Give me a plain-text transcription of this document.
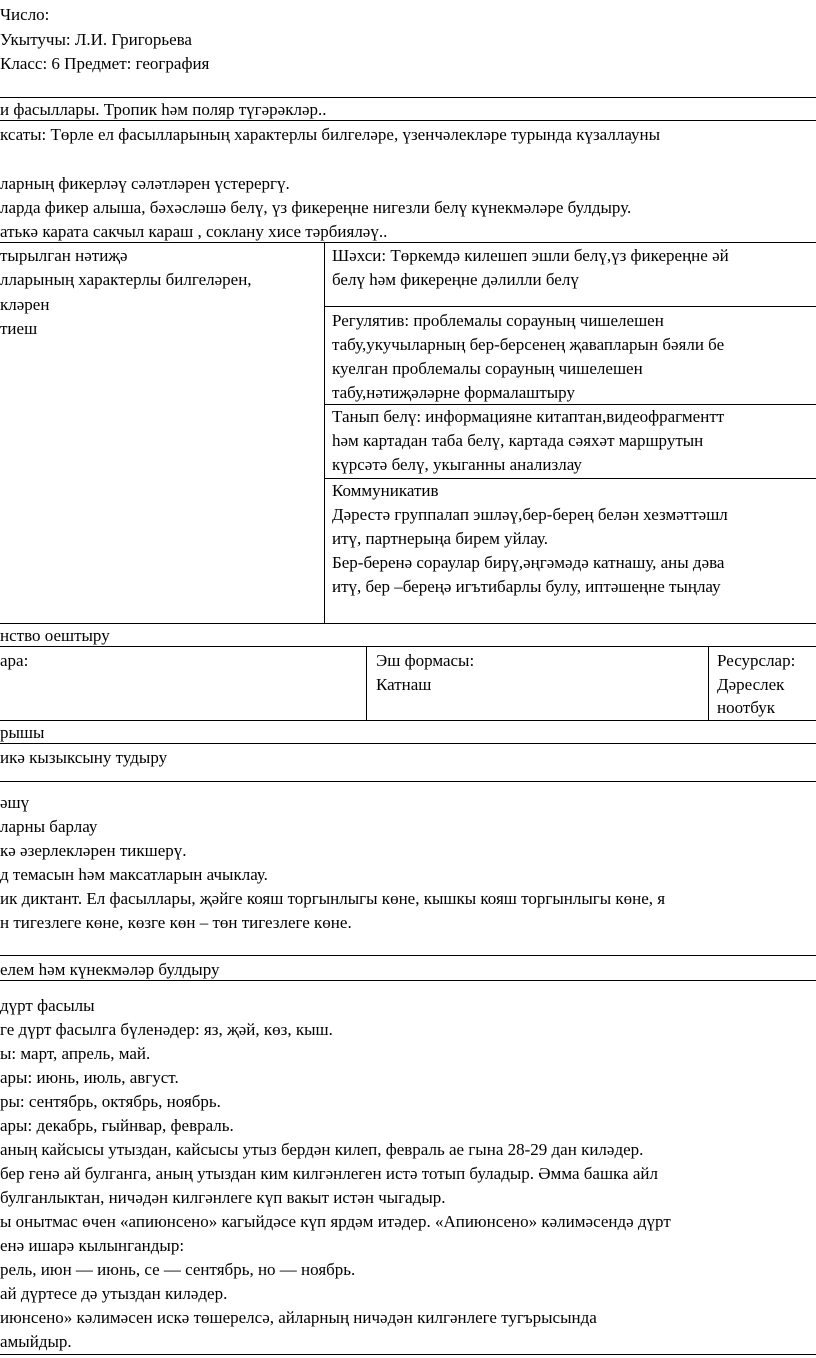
Число:
Укытучы: Л.И. Григорьева
Класс: 6 Предмет: география
и фасыллары. Тропик һәм поляр түгәрәкләр..
ксаты: Төрле ел фасылларының характерлы билгеләре, үзенчәлекләре турында күзаллауны
ларның фикерләү сәләтләрен үстерергү.
ларда фикер алыша, бәхәсләшә белү, үз фикереңне нигезли белү күнекмәләре булдыру.
атькә карата сакчыл караш , соклану хисе тәрбияләү..
тырылган нәтиҗә
лларының характерлы билгеләрен,
кләрен
тиеш
Шәхси: Төркемдә килешеп эшли белү,үз фикереңне әй
белү һәм фикереңне дәлилли белү
Регулятив: проблемалы сорауның чишелешен
табу,укучыларның бер-берсенең җавапларын бәяли бе
куелган проблемалы сорауның чишелешен
табу,нәтиҗәләрне формалаштыру
Танып белү: информацияне китаптан,видеофрагментт
һәм картадан таба белү, картада сәяхәт маршрутын
күрсәтә белү, укыганны анализлау
Коммуникатив
Дәрестә группалап эшләү,бер-берең белән хезмәттәшл
итү, партнерыңа бирем уйлау.
Бер-беренә сораулар бирү,әңгәмәдә катнашу, аны дәва
итү, бер –береңә игътибарлы булу, иптәшеңне тыңлау
нство оештыру
ара:	Эш формасы:
Катнаш
Ресурслар:
Дәреслек
ноотбук
рышы
икә кызыксыну тудыру
әшү
ларны барлау
кә әзерлекләрен тикшерү.
д темасын һәм максатларын ачыклау.
ик диктант. Ел фасыллары, җәйге кояш торгынлыгы көне, кышкы кояш торгынлыгы көне, я
н тигезлеге көне, көзге көн – төн тигезлеге көне.
елем һәм күнекмәләр булдыру
дүрт фасылы
ге дүрт фасылга бүленәдер: яз, җәй, көз, кыш.
ы: март, апрель, май.
ары: июнь, июль, август.
ры: сентябрь, октябрь, ноябрь.
ары: декабрь, гыйнвар, февраль.
аның кайсысы утыздан, кайсысы утыз бердән килеп, февраль ае гына 28-29 дан киләдер.
бер генә ай булганга, аның утыздан ким килгәнлеген истә тотып буладыр. Әмма башка айл
булганлыктан, ничәдән килгәнлеге күп вакыт истән чыгадыр.
ы онытмас өчен «апиюнсено» кагыйдәсе күп ярдәм итәдер. «Апиюнсено» кәлимәсендә дүрт
енә ишарә кылынгандыр:
рель, июн — июнь, се — сентябрь, но — ноябрь.
ай дүртесе дә утыздан киләдер.
июнсено» кәлимәсен искә төшерелсә, айларның ничәдән килгәнлеге тугърысында
амыйдыр.
